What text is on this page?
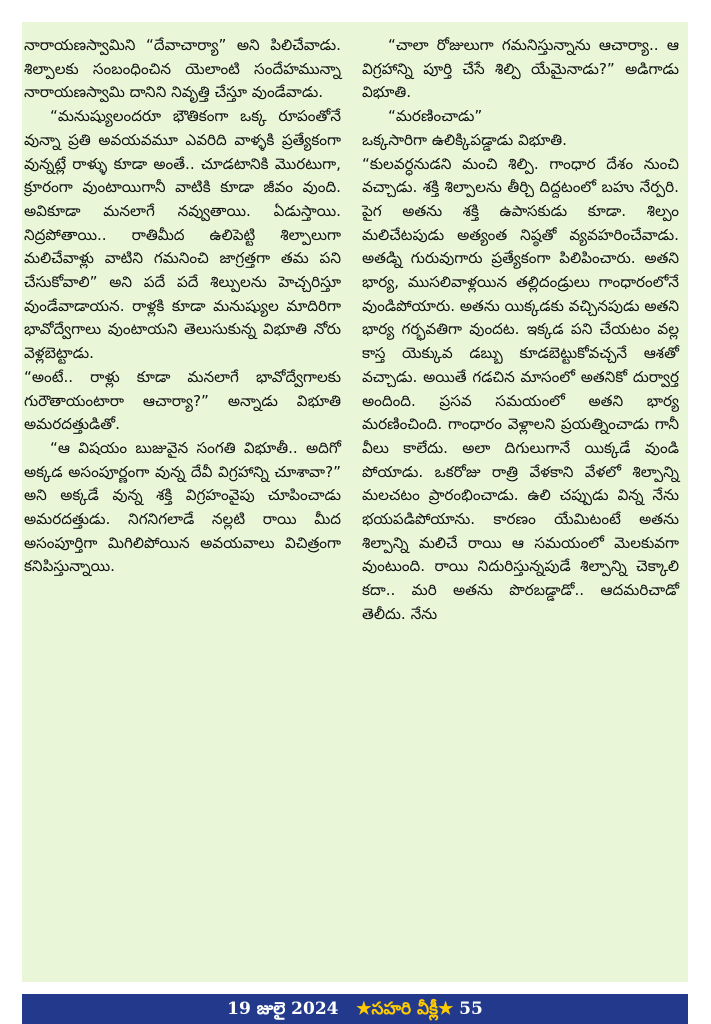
నారాయణస్వామిని “దేవాచార్యా” అని పిలిచేవాడు. శిల్పాలకు సంబంధించిన యెలాంటి సందేహమున్నా నారాయణస్వామి దానిని నివృత్తి చేస్తూ వుండేవాడు.

“మనుష్యులందరూ భౌతికంగా ఒక్క రూపంతోనే వున్నా ప్రతి అవయవమూ ఎవరిది వాళ్ళకి ప్రత్యేకంగా వున్నట్లే రాళ్ళు కూడా అంతే.. చూడటానికి మొరటుగా, క్రూరంగా వుంటాయిగానీ వాటికి కూడా జీవం వుంది. అవికూడా మనలాగే నవ్వుతాయి. ఏడుస్తాయి. నిద్రపోతాయి.. రాతిమీద ఉలిపెట్టి శిల్పాలుగా మలిచేవాళ్లు వాటిని గమనించి జాగ్రత్తగా తమ పని చేసుకోవాలి” అని పదే పదే శిల్పులను హెచ్చరిస్తూ వుండేవాడాయన. రాళ్లకి కూడా మనుష్యుల మాదిరిగా భావోద్వేగాలు వుంటాయని తెలుసుకున్న విభూతి నోరు వెళ్లబెట్టాడు.

“అంటే.. రాళ్లు కూడా మనలాగే భావోద్వేగాలకు గురౌతాయంటారా ఆచార్యా?” అన్నాడు విభూతి అమరదత్తుడితో.

“ఆ విషయం బుజువైన సంగతి విభూతీ.. అదిగో అక్కడ అసంపూర్ణంగా వున్న దేవీ విగ్రహాన్ని చూశావా?” అని అక్కడే వున్న శక్తి విగ్రహంవైపు చూపించాడు అమరదత్తుడు. నిగనిగలాడే నల్లటి రాయి మీద అసంపూర్తిగా మిగిలిపోయిన అవయవాలు విచిత్రంగా కనిపిస్తున్నాయి.

“చాలా రోజులుగా గమనిస్తున్నాను ఆచార్యా.. ఆ విగ్రహాన్ని పూర్తి చేసే శిల్పి యేమైనాడు?” అడిగాడు విభూతి.

“మరణించాడు”

ఒక్కసారిగా ఉలిక్కిపడ్డాడు విభూతి.

“కులవర్ధనుడని మంచి శిల్పి. గాంధార దేశం నుంచి వచ్చాడు. శక్తి శిల్పాలను తీర్చి దిద్దటంలో బహు నేర్పరి. పైగ అతను శక్తి ఉపాసకుడు కూడా. శిల్పం మలిచేటపుడు అత్యంత నిష్ఠతో వ్యవహరించేవాడు. అతడ్ని గురువుగారు ప్రత్యేకంగా పిలిపించారు. అతని భార్య, ముసలివాళ్లయిన తల్లిదండ్రులు గాంధారంలోనే వుండిపోయారు. అతను యిక్కడకు వచ్చినపుడు అతని భార్య గర్భవతిగా వుందట. ఇక్కడ పని చేయటం వల్ల కాస్త యెక్కువ డబ్బు కూడబెట్టుకోవచ్చనే ఆశతో వచ్చాడు. అయితే గడచిన మాసంలో అతనికో దుర్వార్త అందింది. ప్రసవ సమయంలో అతని భార్య మరణించింది. గాంధారం వెళ్లాలని ప్రయత్నించాడు గానీ వీలు కాలేదు. అలా దిగులుగానే యిక్కడే వుండి పోయాడు. ఒకరోజు రాత్రి వేళకాని వేళలో శిల్పాన్ని మలచటం ప్రారంభించాడు. ఉలి చప్పుడు విన్న నేను భయపడిపోయాను. కారణం యేమిటంటే అతను శిల్పాన్ని మలిచే రాయి ఆ సమయంలో మెలకువగా వుంటుంది. రాయి నిదురిస్తున్నపుడే శిల్పాన్ని చెక్కాలి కదా.. మరి అతను పొరబడ్డాడో.. ఆదమరిచాడో తెలీదు. నేను

19 జులై 2024 ★సహరి వీక్లీ★ 55
